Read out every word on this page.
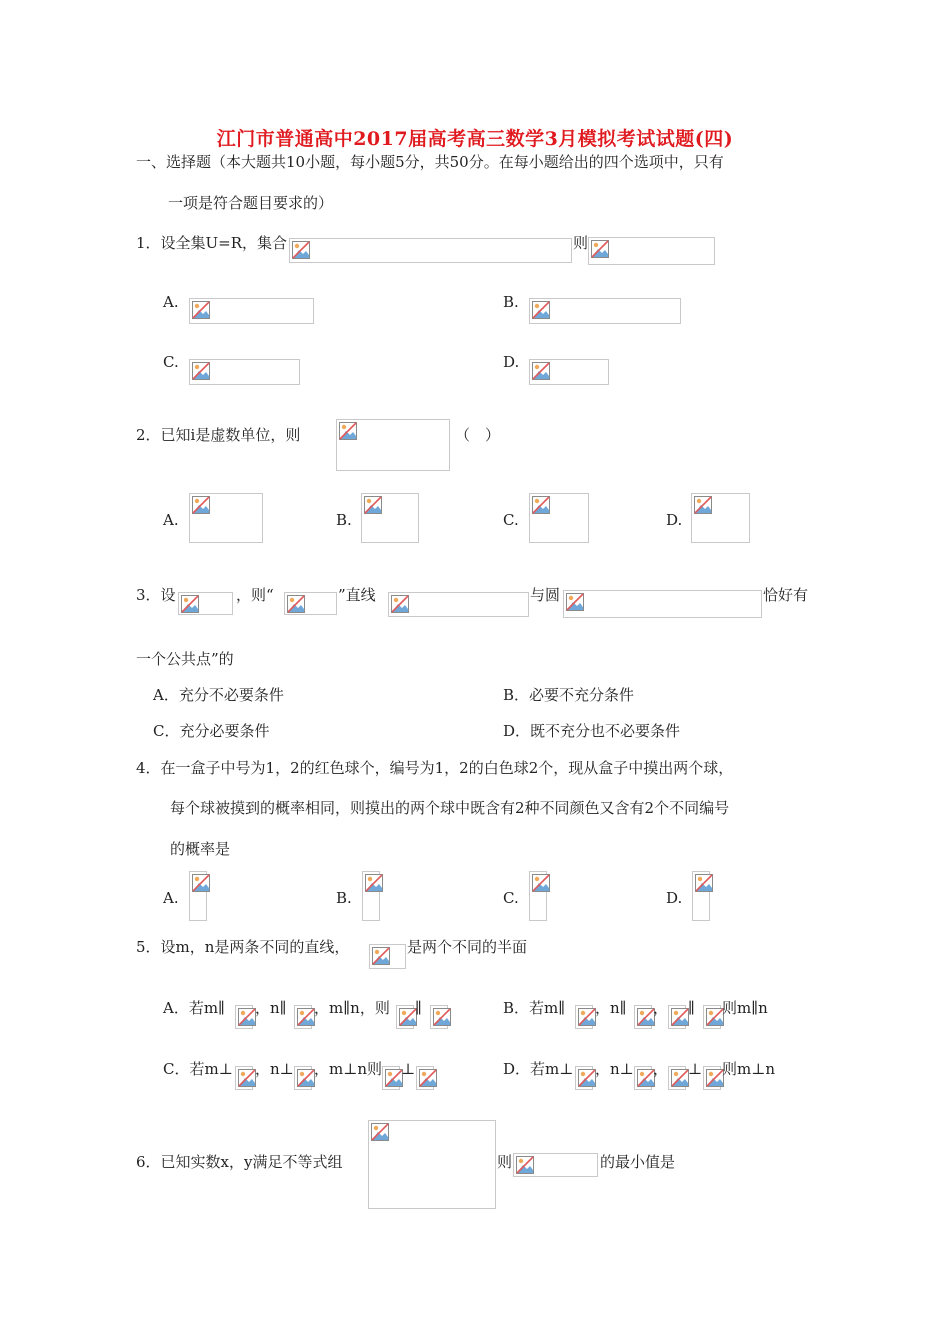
江门市普通高中2017届高考高三数学3月模拟考试试题(四)
一、选择题（本大题共10小题，每小题5分，共50分。在每小题给出的四个选项中，只有
一项是符合题目要求的）
1．设全集U=R，集合	则
A.	B.
C.	D.
2．已知i是虚数单位，则	（　）
A.	B.	C.	D.
3．设	，则“	”直线	与圆	恰好有
一个公共点”的
A．充分不必要条件	B．必要不充分条件
C．充分必要条件	D．既不充分也不必要条件
4．在一盒子中号为1，2的红色球个，编号为1，2的白色球2个，现从盒子中摸出两个球，
每个球被摸到的概率相同，则摸出的两个球中既含有2种不同颜色又含有2个不同编号
的概率是
A.	B.	C.	D.
5．设m，n是两条不同的直线，	是两个不同的半面
A．若m∥ ，n∥ ，m∥n，则 ∥	B．若m∥ ，n∥ ， ∥ 则m∥n
C．若m⊥ ，n⊥ ，m⊥n则 ⊥	D．若m⊥ ，n⊥ ， ⊥ 则m⊥n
6．已知实数x，y满足不等式组	则	的最小值是
